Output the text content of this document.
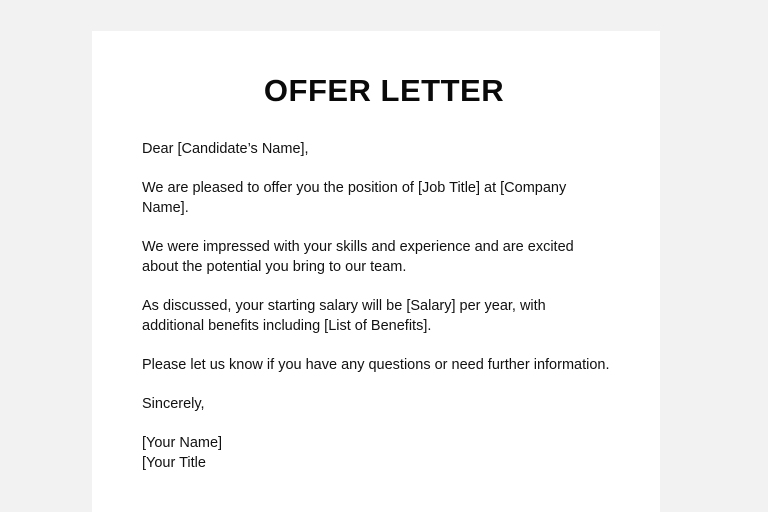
OFFER LETTER

Dear [Candidate’s Name],

We are pleased to offer you the position of [Job Title] at [Company
Name].

We were impressed with your skills and experience and are excited
about the potential you bring to our team.

As discussed, your starting salary will be [Salary] per year, with
additional benefits including [List of Benefits].

Please let us know if you have any questions or need further information.

Sincerely,

[Your Name]
[Your Title
